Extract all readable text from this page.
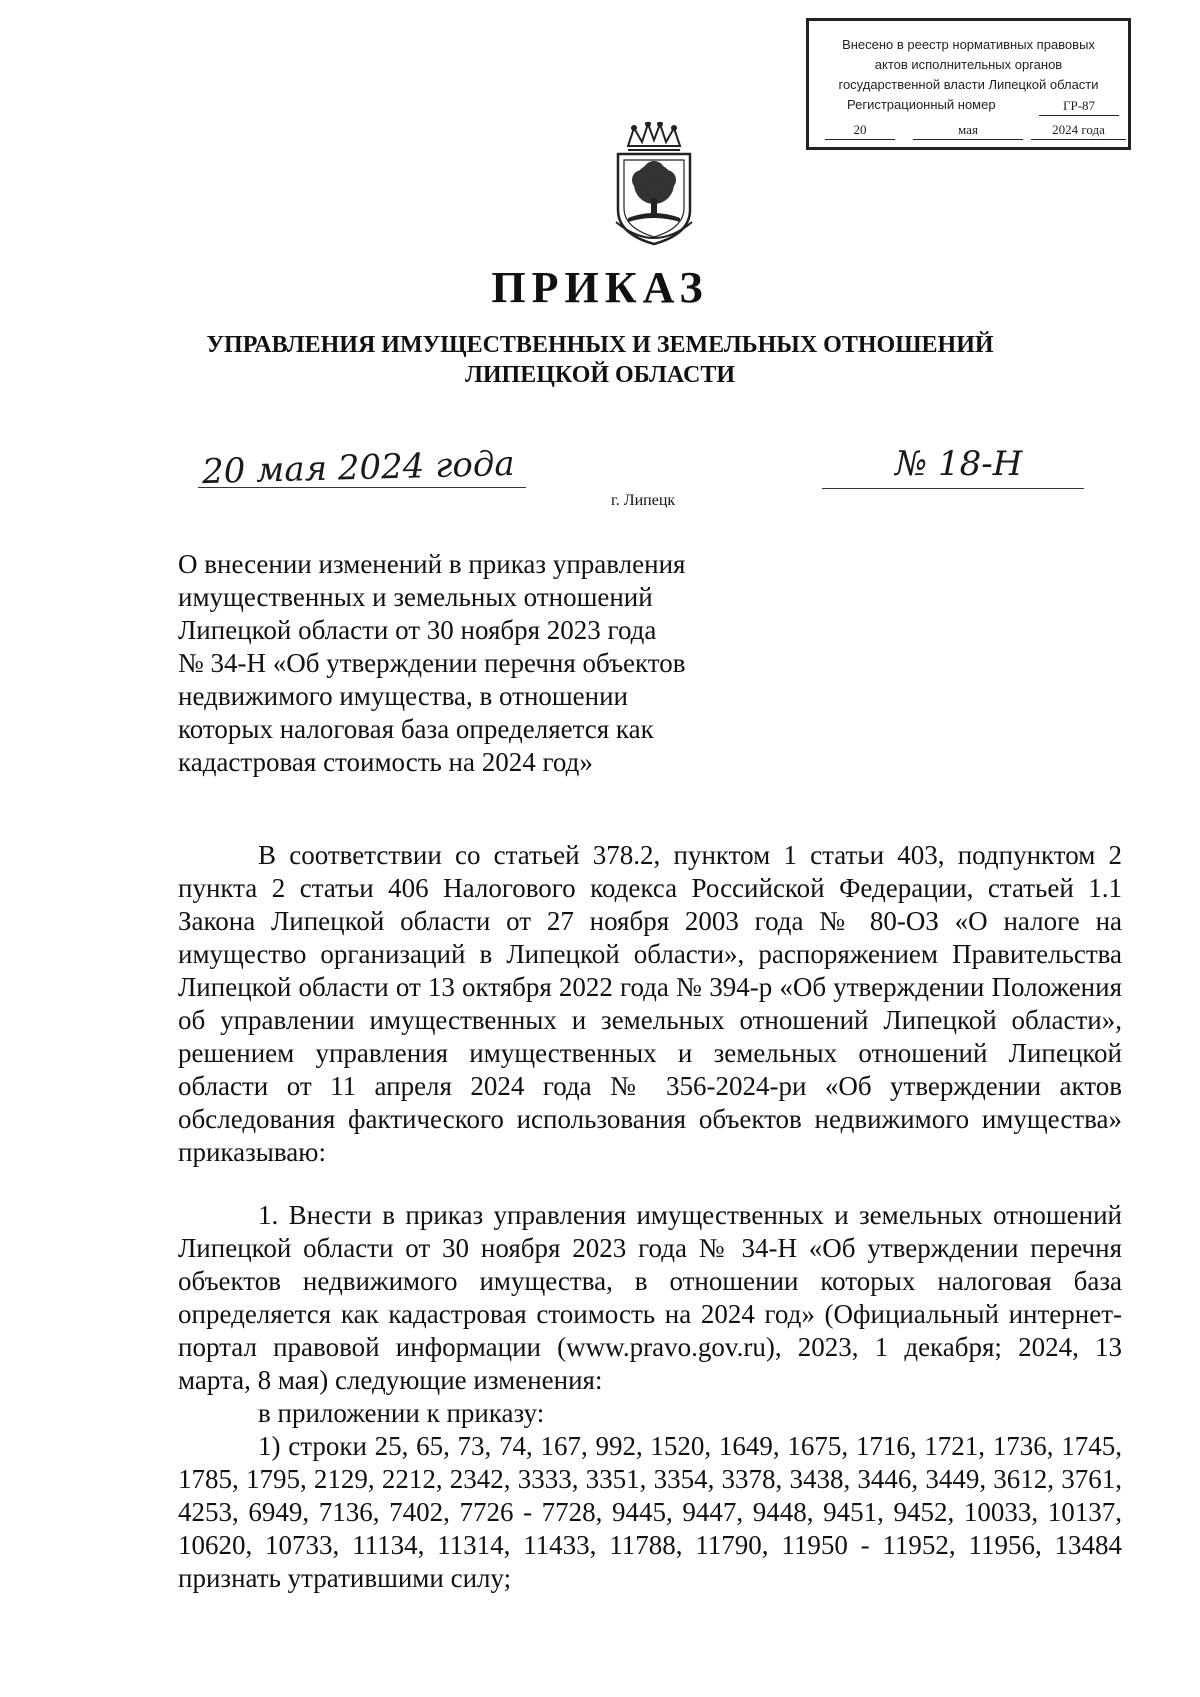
Внесено в реестр нормативных правовых
актов исполнительных органов
государственной власти Липецкой области
Регистрационный номер	ГР-87
20	мая	2024 года
ПРИКАЗ
УПРАВЛЕНИЯ ИМУЩЕСТВЕННЫХ И ЗЕМЕЛЬНЫХ ОТНОШЕНИЙ
ЛИПЕЦКОЙ ОБЛАСТИ
20 мая 2024 года
г. Липецк
№ 18-Н
О внесении изменений в приказ управления
имущественных и земельных отношений
Липецкой области от 30 ноября 2023 года
№ 34-Н «Об утверждении перечня объектов
недвижимого имущества, в отношении
которых налоговая база определяется как
кадастровая стоимость на 2024 год»

В соответствии со статьей 378.2, пунктом 1 статьи 403, подпунктом 2 пункта 2 статьи 406 Налогового кодекса Российской Федерации, статьей 1.1 Закона Липецкой области от 27 ноября 2003 года № 80-ОЗ «О налоге на имущество организаций в Липецкой области», распоряжением Правительства Липецкой области от 13 октября 2022 года № 394-р «Об утверждении Положения об управлении имущественных и земельных отношений Липецкой области», решением управления имущественных и земельных отношений Липецкой области от 11 апреля 2024 года № 356-2024-ри «Об утверждении актов обследования фактического использования объектов недвижимого имущества» приказываю:

1. Внести в приказ управления имущественных и земельных отношений Липецкой области от 30 ноября 2023 года № 34-Н «Об утверждении перечня объектов недвижимого имущества, в отношении которых налоговая база определяется как кадастровая стоимость на 2024 год» (Официальный интернет-портал правовой информации (www.pravo.gov.ru), 2023, 1 декабря; 2024, 13 марта, 8 мая) следующие изменения:

в приложении к приказу:

1) строки 25, 65, 73, 74, 167, 992, 1520, 1649, 1675, 1716, 1721, 1736, 1745, 1785, 1795, 2129, 2212, 2342, 3333, 3351, 3354, 3378, 3438, 3446, 3449, 3612, 3761, 4253, 6949, 7136, 7402, 7726 - 7728, 9445, 9447, 9448, 9451, 9452, 10033, 10137, 10620, 10733, 11134, 11314, 11433, 11788, 11790, 11950 - 11952, 11956, 13484 признать утратившими силу;
